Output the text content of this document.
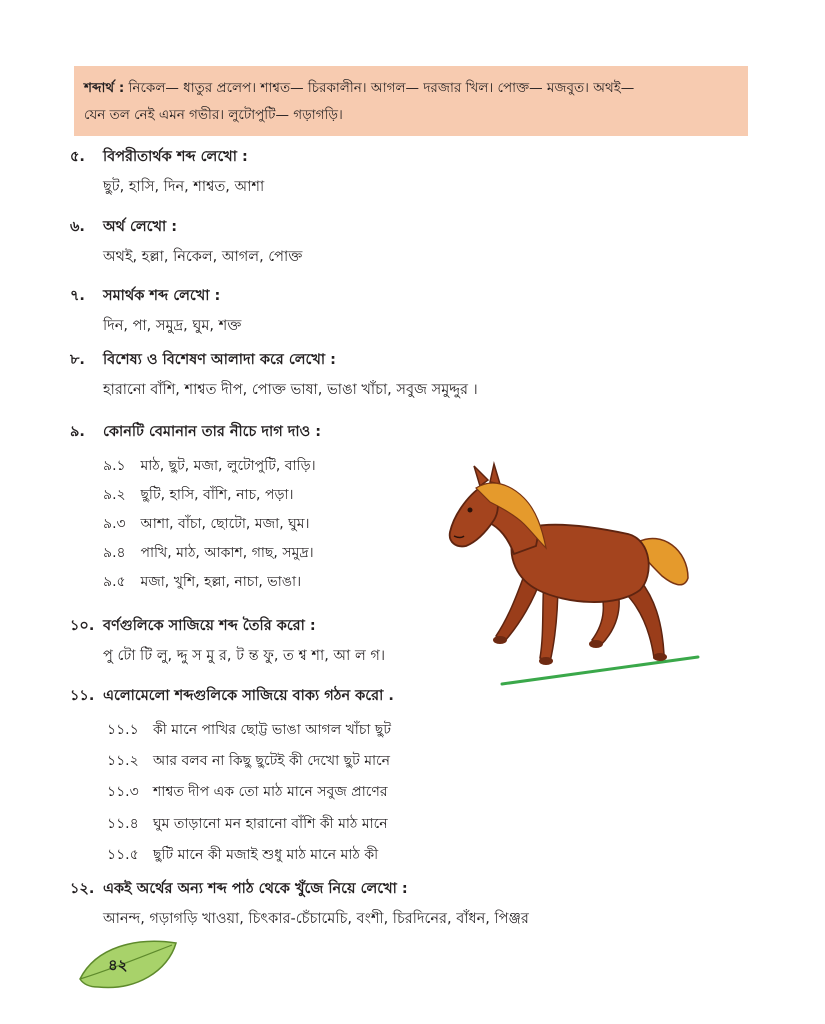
শব্দার্থ : নিকেল— ধাতুর প্রলেপ। শাশ্বত— চিরকালীন। আগল— দরজার খিল। পোক্ত— মজবুত। অথই—
যেন তল নেই এমন গভীর। লুটোপুটি— গড়াগড়ি।
৫. বিপরীতার্থক শব্দ লেখো :
ছুট, হাসি, দিন, শাশ্বত, আশা
৬. অর্থ লেখো :
অথই, হল্লা, নিকেল, আগল, পোক্ত
৭. সমার্থক শব্দ লেখো :
দিন, পা, সমুদ্র, ঘুম, শক্ত
৮. বিশেষ্য ও বিশেষণ আলাদা করে লেখো :
হারানো বাঁশি, শাশ্বত দীপ, পোক্ত ভাষা, ভাঙা খাঁচা, সবুজ সমুদ্দুর ।
৯. কোনটি বেমানান তার নীচে দাগ দাও :
৯.১ মাঠ, ছুট, মজা, লুটোপুটি, বাড়ি।
৯.২ ছুটি, হাসি, বাঁশি, নাচ, পড়া।
৯.৩ আশা, বাঁচা, ছোটো, মজা, ঘুম।
৯.৪ পাখি, মাঠ, আকাশ, গাছ, সমুদ্র।
৯.৫ মজা, খুশি, হল্লা, নাচা, ভাঙা।
১০. বর্ণগুলিকে সাজিয়ে শব্দ তৈরি করো :
পু টো টি লু, দ্দু স মু র, ট ন্ত ফু, ত শ্ব শা, আ ল গ।
১১. এলোমেলো শব্দগুলিকে সাজিয়ে বাক্য গঠন করো .
১১.১ কী মানে পাখির ছোট্ট ভাঙা আগল খাঁচা ছুট
১১.২ আর বলব না কিছু ছুটেই কী দেখো ছুট মানে
১১.৩ শাশ্বত দীপ এক তো মাঠ মানে সবুজ প্রাণের
১১.৪ ঘুম তাড়ানো মন হারানো বাঁশি কী মাঠ মানে
১১.৫ ছুটি মানে কী মজাই শুধু মাঠ মানে মাঠ কী
১২. একই অর্থের অন্য শব্দ পাঠ থেকে খুঁজে নিয়ে লেখো :
আনন্দ, গড়াগড়ি খাওয়া, চিৎকার-চেঁচামেচি, বংশী, চিরদিনের, বাঁধন, পিঞ্জর
৪২
